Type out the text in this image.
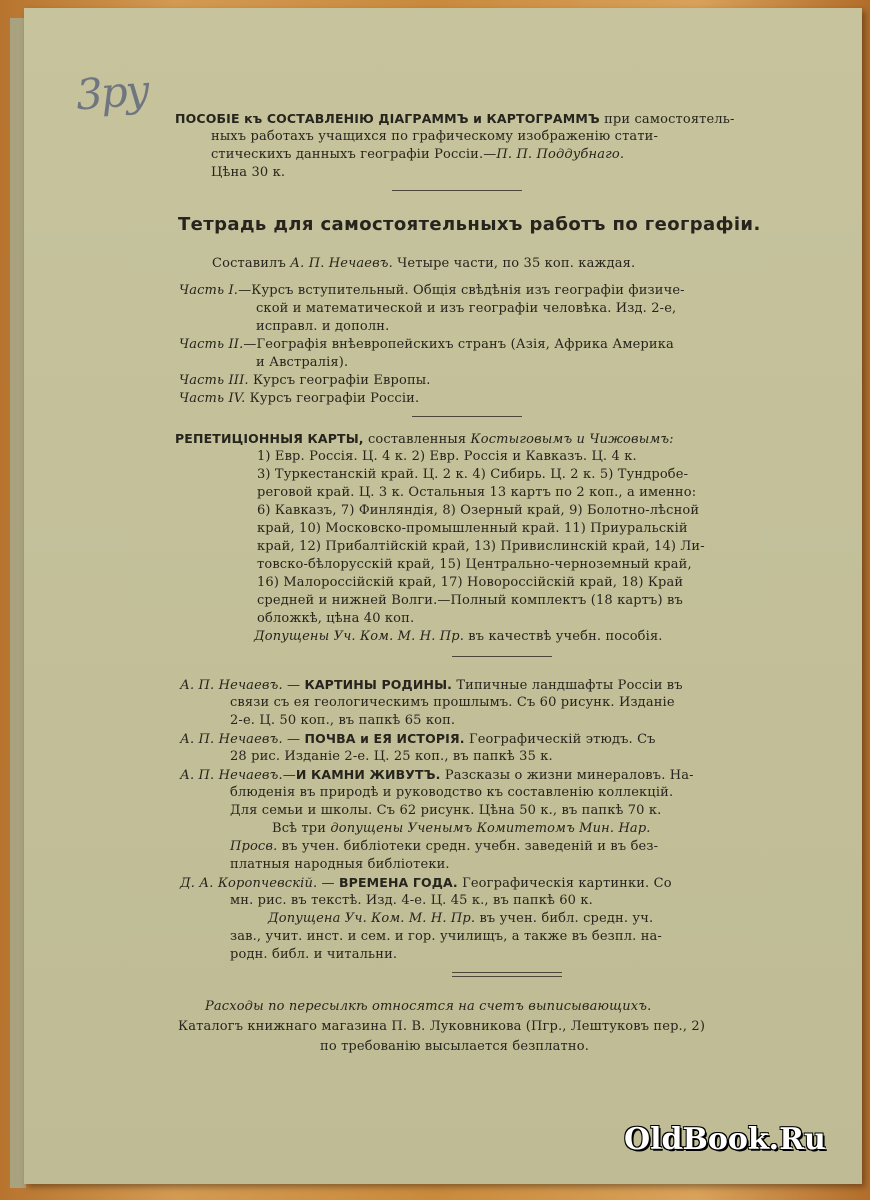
3ру ПОСОБІЕ къ СОСТАВЛЕНІЮ ДІАГРАММЪ и КАРТОГРАММЪ при самостоятель-
ныхъ работахъ учащихся по графическому изображенію стати-
стическихъ данныхъ географіи Россіи.—П. П. Поддубнаго.
Цѣна 30 к.
Тетрадь для самостоятельныхъ работъ по географіи.
Составилъ А. П. Нечаевъ. Четыре части, по 35 коп. каждая.
Часть I.—Курсъ вступительный. Общія свѣдѣнія изъ географіи физиче-
ской и математической и изъ географіи человѣка. Изд. 2-е,
исправл. и дополн.
Часть II.—Географія внѣевропейскихъ странъ (Азія, Африка Америка
и Австралія).
Часть III. Курсъ географіи Европы.
Часть IV. Курсъ географіи Россіи.
РЕПЕТИЦІОННЫЯ КАРТЫ, составленныя Костыговымъ и Чижовымъ:
1) Евр. Россія. Ц. 4 к. 2) Евр. Россія и Кавказъ. Ц. 4 к.
3) Туркестанскій край. Ц. 2 к. 4) Сибирь. Ц. 2 к. 5) Тундробе-
реговой край. Ц. 3 к. Остальныя 13 картъ по 2 коп., а именно:
6) Кавказъ, 7) Финляндія, 8) Озерный край, 9) Болотно-лѣсной
край, 10) Московско-промышленный край. 11) Приуральскій
край, 12) Прибалтійскій край, 13) Привислинскій край, 14) Ли-
товско-бѣлорусскій край, 15) Центрально-черноземный край,
16) Малороссійскій край, 17) Новороссійскій край, 18) Край
средней и нижней Волги.—Полный комплектъ (18 картъ) въ
обложкѣ, цѣна 40 коп.
Допущены Уч. Ком. М. Н. Пр. въ качествѣ учебн. пособія.
А. П. Нечаевъ. — КАРТИНЫ РОДИНЫ. Типичные ландшафты Россіи въ
связи съ ея геологическимъ прошлымъ. Съ 60 рисунк. Изданіе
2-е. Ц. 50 коп., въ папкѣ 65 коп.
А. П. Нечаевъ. — ПОЧВА и ЕЯ ИСТОРІЯ. Географическій этюдъ. Съ
28 рис. Изданіе 2-е. Ц. 25 коп., въ папкѣ 35 к.
А. П. Нечаевъ.—И КАМНИ ЖИВУТЪ. Разсказы о жизни минераловъ. На-
блюденія въ природѣ и руководство къ составленію коллекцій.
Для семьи и школы. Съ 62 рисунк. Цѣна 50 к., въ папкѣ 70 к.
Всѣ три допущены Ученымъ Комитетомъ Мин. Нар.
Просв. въ учен. библіотеки средн. учебн. заведеній и въ без-
платныя народныя библіотеки.
Д. А. Коропчевскій. — ВРЕМЕНА ГОДА. Географическія картинки. Со
мн. рис. въ текстѣ. Изд. 4-е. Ц. 45 к., въ папкѣ 60 к.
Допущена Уч. Ком. М. Н. Пр. въ учен. библ. средн. уч.
зав., учит. инст. и сем. и гор. училищъ, а также въ безпл. на-
родн. библ. и читальни.
Расходы по пересылкѣ относятся на счетъ выписывающихъ.
Каталогъ книжнаго магазина П. В. Луковникова (Пгр., Лештуковъ пер., 2)
по требованію высылается безплатно.
OldBook.Ru
